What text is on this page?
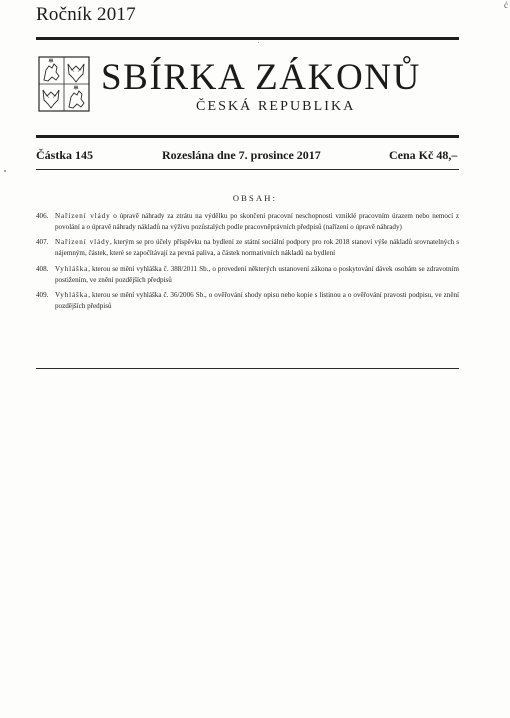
Ročník 2017	ć
SBÍRKA ZÁKONŮ
ČESKÁ REPUBLIKA
Částka 145	Rozeslána dne 7. prosince 2017	Cena Kč 48,–
OBSAH:
406. Nařízení vlády o úpravě náhrady za ztrátu na výdělku po skončení pracovní neschopnosti vzniklé pracovním úrazem nebo nemocí z povolání a o úpravě náhrady nákladů na výživu pozůstalých podle pracovněprávních předpisů (nařízení o úpravě náhrady)
407. Nařízení vlády, kterým se pro účely příspěvku na bydlení ze státní sociální podpory pro rok 2018 stanoví výše nákladů srovnatelných s nájemným, částek, které se započítávají za pevná paliva, a částek normativních nákladů na bydlení
408. Vyhláška, kterou se mění vyhláška č. 388/2011 Sb., o provedení některých ustanovení zákona o poskytování dávek osobám se zdravotním postižením, ve znění pozdějších předpisů
409. Vyhláška, kterou se mění vyhláška č. 36/2006 Sb., o ověřování shody opisu nebo kopie s listinou a o ověřování pravosti podpisu, ve znění pozdějších předpisů
